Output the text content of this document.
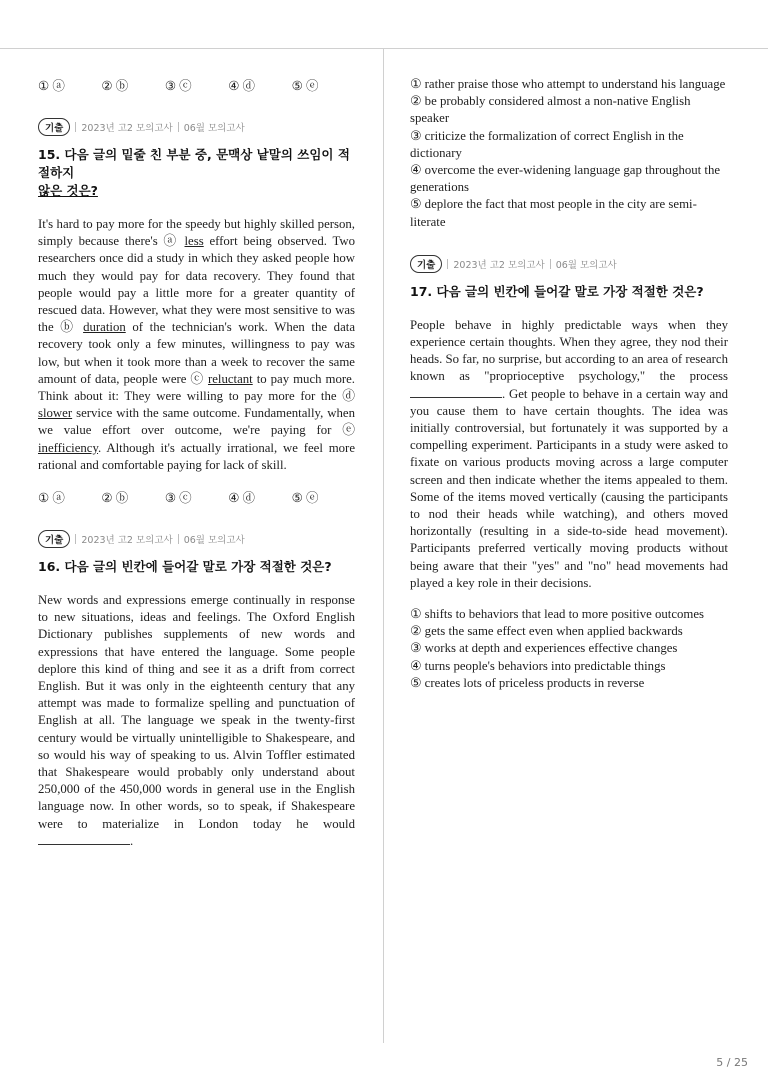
① ⓐ	② ⓑ	③ ⓒ	④ ⓓ	⑤ ⓔ
기출	2023년 고2 모의고사 06월 모의고사
15. 다음 글의 밑줄 친 부분 중, 문맥상 낱말의 쓰임이 적절하지
않은 것은?

It's hard to pay more for the speedy but highly skilled person, simply because there's ⓐ less effort being observed. Two researchers once did a study in which they asked people how much they would pay for data recovery. They found that people would pay a little more for a greater quantity of rescued data. However, what they were most sensitive to was the ⓑ duration of the technician's work. When the data recovery took only a few minutes, willingness to pay was low, but when it took more than a week to recover the same amount of data, people were ⓒ reluctant to pay much more. Think about it: They were willing to pay more for the ⓓ slower service with the same outcome. Fundamentally, when we value effort over outcome, we're paying for ⓔ inefficiency. Although it's actually irrational, we feel more rational and comfortable paying for lack of skill.

① ⓐ	② ⓑ	③ ⓒ	④ ⓓ	⑤ ⓔ
기출	2023년 고2 모의고사 06월 모의고사
16. 다음 글의 빈칸에 들어갈 말로 가장 적절한 것은?

New words and expressions emerge continually in response to new situations, ideas and feelings. The Oxford English Dictionary publishes supplements of new words and expressions that have entered the language. Some people deplore this kind of thing and see it as a drift from correct English. But it was only in the eighteenth century that any attempt was made to formalize spelling and punctuation of English at all. The language we speak in the twenty-first century would be virtually unintelligible to Shakespeare, and so would his way of speaking to us. Alvin Toffler estimated that Shakespeare would probably only understand about 250,000 of the 450,000 words in general use in the English language now. In other words, so to speak, if Shakespeare were to materialize in London today he would .

① rather praise those who attempt to understand his language
② be probably considered almost a non-native English speaker
③ criticize the formalization of correct English in the dictionary
④ overcome the ever-widening language gap throughout the generations
⑤ deplore the fact that most people in the city are semi-literate
기출	2023년 고2 모의고사 06월 모의고사
17. 다음 글의 빈칸에 들어갈 말로 가장 적절한 것은?

People behave in highly predictable ways when they experience certain thoughts. When they agree, they nod their heads. So far, no surprise, but according to an area of research known as "proprioceptive psychology," the process . Get people to behave in a certain way and you cause them to have certain thoughts. The idea was initially controversial, but fortunately it was supported by a compelling experiment. Participants in a study were asked to fixate on various products moving across a large computer screen and then indicate whether the items appealed to them. Some of the items moved vertically (causing the participants to nod their heads while watching), and others moved horizontally (resulting in a side-to-side head movement). Participants preferred vertically moving products without being aware that their "yes" and "no" head movements had played a key role in their decisions.

① shifts to behaviors that lead to more positive outcomes
② gets the same effect even when applied backwards
③ works at depth and experiences effective changes
④ turns people's behaviors into predictable things
⑤ creates lots of priceless products in reverse
5 / 25
